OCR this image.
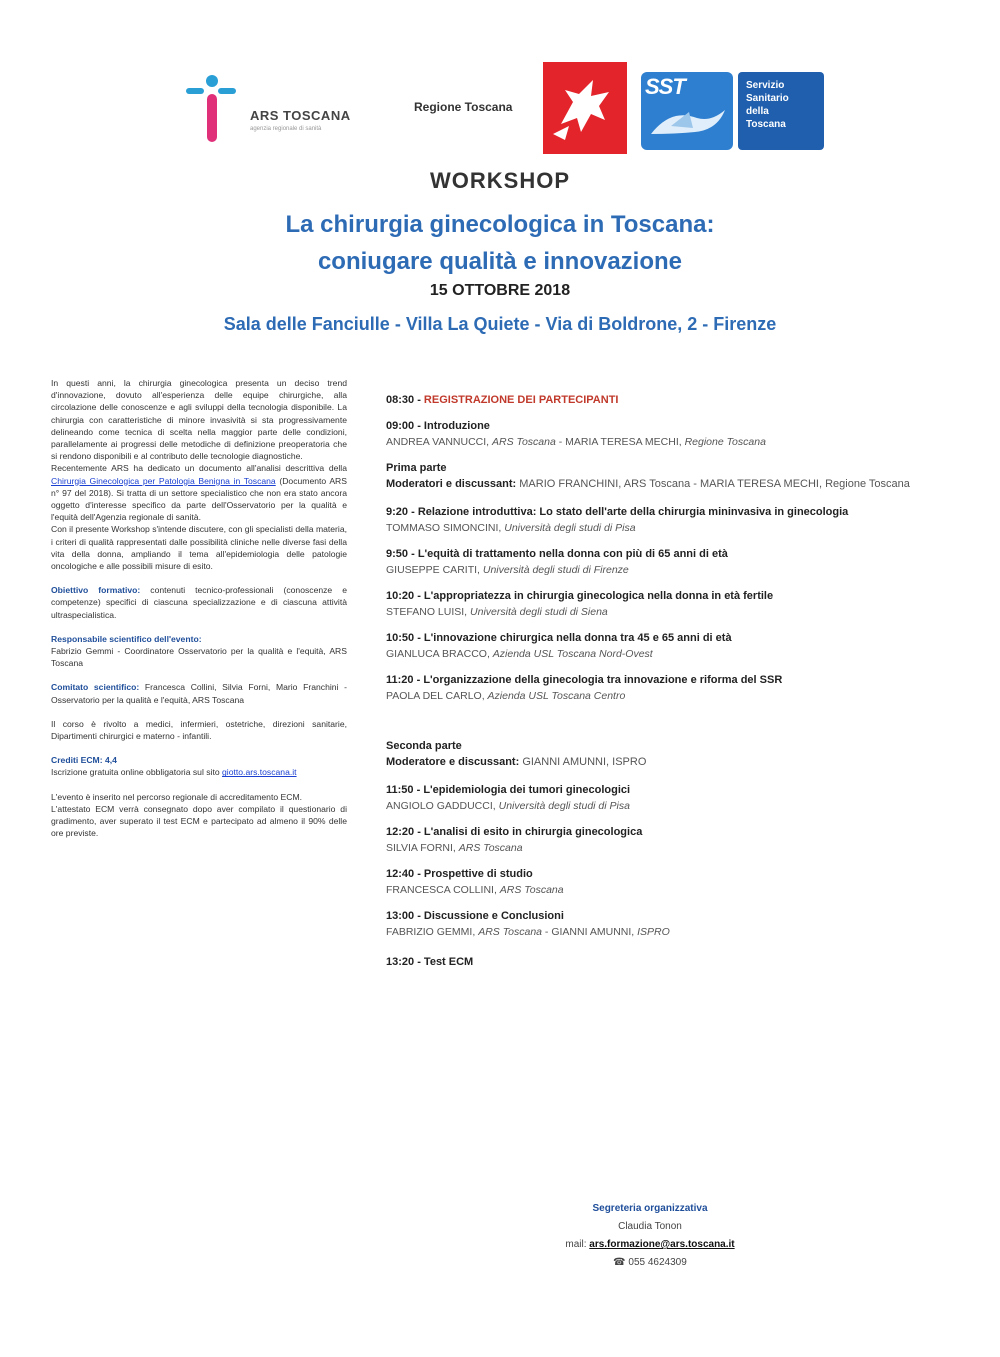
ARS TOSCANA
agenzia regionale di sanità
Regione Toscana
SST	Servizio
Sanitario
della
Toscana
WORKSHOP
La chirurgia ginecologica in Toscana:
coniugare qualità e innovazione
15 OTTOBRE 2018
Sala delle Fanciulle - Villa La Quiete - Via di Boldrone, 2 - Firenze

In questi anni, la chirurgia ginecologica presenta un deciso trend d'innovazione, dovuto all'esperienza delle equipe chirurgiche, alla circolazione delle conoscenze e agli sviluppi della tecnologia disponibile. La chirurgia con caratteristiche di minore invasività si sta progressivamente delineando come tecnica di scelta nella maggior parte delle condizioni, parallelamente ai progressi delle metodiche di definizione preoperatoria che si rendono disponibili e al contributo delle tecnologie diagnostiche.

Recentemente ARS ha dedicato un documento all'analisi descrittiva della Chirurgia Ginecologica per Patologia Benigna in Toscana (Documento ARS n° 97 del 2018). Si tratta di un settore specialistico che non era stato ancora oggetto d'interesse specifico da parte dell'Osservatorio per la qualità e l'equità dell'Agenzia regionale di sanità.

Con il presente Workshop s'intende discutere, con gli specialisti della materia, i criteri di qualità rappresentati dalle possibilità cliniche nelle diverse fasi della vita della donna, ampliando il tema all'epidemiologia delle patologie oncologiche e alle possibili misure di esito.

Obiettivo formativo: contenuti tecnico-professionali (conoscenze e competenze) specifici di ciascuna specializzazione e di ciascuna attività ultraspecialistica.

Responsabile scientifico dell'evento:
Fabrizio Gemmi - Coordinatore Osservatorio per la qualità e l'equità, ARS Toscana

Comitato scientifico: Francesca Collini, Silvia Forni, Mario Franchini - Osservatorio per la qualità e l'equità, ARS Toscana

Il corso è rivolto a medici, infermieri, ostetriche, direzioni sanitarie, Dipartimenti chirurgici e materno - infantili.

Crediti ECM: 4,4
Iscrizione gratuita online obbligatoria sul sito giotto.ars.toscana.it

L'evento è inserito nel percorso regionale di accreditamento ECM.

L'attestato ECM verrà consegnato dopo aver compilato il questionario di gradimento, aver superato il test ECM e partecipato ad almeno il 90% delle ore previste.

08:30 - REGISTRAZIONE DEI PARTECIPANTI
09:00 - Introduzione
ANDREA VANNUCCI, ARS Toscana - MARIA TERESA MECHI, Regione Toscana
Prima parte
Moderatori e discussant: MARIO FRANCHINI, ARS Toscana - MARIA TERESA MECHI, Regione Toscana
9:20 - Relazione introduttiva: Lo stato dell'arte della chirurgia mininvasiva in ginecologia
TOMMASO SIMONCINI, Università degli studi di Pisa
9:50 - L'equità di trattamento nella donna con più di 65 anni di età
GIUSEPPE CARITI, Università degli studi di Firenze
10:20 - L'appropriatezza in chirurgia ginecologica nella donna in età fertile
STEFANO LUISI, Università degli studi di Siena
10:50 - L'innovazione chirurgica nella donna tra 45 e 65 anni di età
GIANLUCA BRACCO, Azienda USL Toscana Nord-Ovest
11:20 - L'organizzazione della ginecologia tra innovazione e riforma del SSR
PAOLA DEL CARLO, Azienda USL Toscana Centro
Seconda parte
Moderatore e discussant: GIANNI AMUNNI, ISPRO
11:50 - L'epidemiologia dei tumori ginecologici
ANGIOLO GADDUCCI, Università degli studi di Pisa
12:20 - L'analisi di esito in chirurgia ginecologica
SILVIA FORNI, ARS Toscana
12:40 - Prospettive di studio
FRANCESCA COLLINI, ARS Toscana
13:00 - Discussione e Conclusioni
FABRIZIO GEMMI, ARS Toscana - GIANNI AMUNNI, ISPRO
13:20 - Test ECM
Segreteria organizzativa
Claudia Tonon
mail: ars.formazione@ars.toscana.it
☎ 055 4624309
